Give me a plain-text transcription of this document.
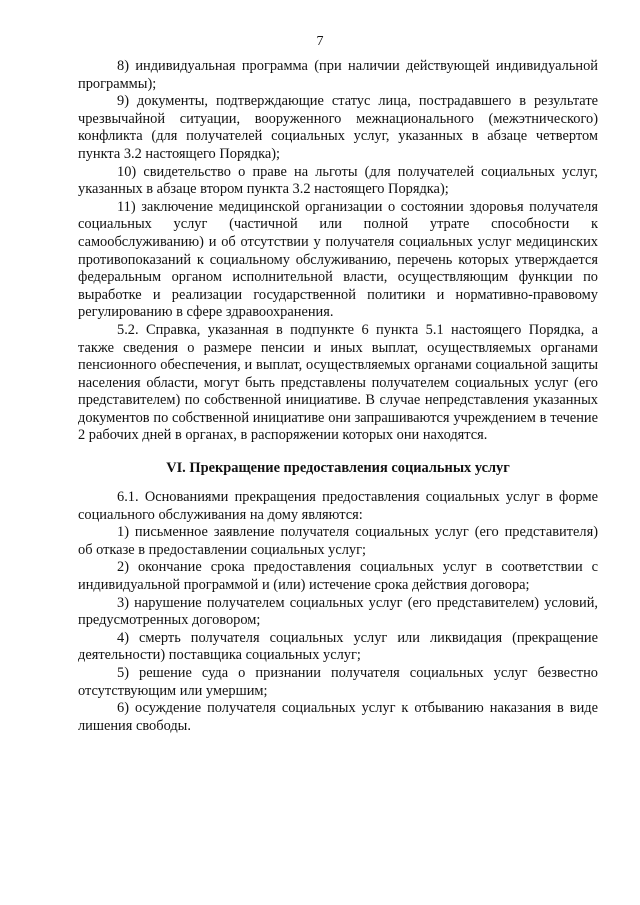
7

8) индивидуальная программа (при наличии действующей индивидуальной программы);

9) документы, подтверждающие статус лица, пострадавшего в результате чрезвычайной ситуации, вооруженного межнационального (межэтнического) конфликта (для получателей социальных услуг, указанных в абзаце четвертом пункта 3.2 настоящего Порядка);

10) свидетельство о праве на льготы (для получателей социальных услуг, указанных в абзаце втором пункта 3.2 настоящего Порядка);

11) заключение медицинской организации о состоянии здоровья получателя социальных услуг (частичной или полной утрате способности к самообслуживанию) и об отсутствии у получателя социальных услуг медицинских противопоказаний к социальному обслуживанию, перечень которых утверждается федеральным органом исполнительной власти, осуществляющим функции по выработке и реализации государственной политики и нормативно-правовому регулированию в сфере здравоохранения.

5.2. Справка, указанная в подпункте 6 пункта 5.1 настоящего Порядка, а также сведения о размере пенсии и иных выплат, осуществляемых органами пенсионного обеспечения, и выплат, осуществляемых органами социальной защиты населения области, могут быть представлены получателем социальных услуг (его представителем) по собственной инициативе. В случае непредставления указанных документов по собственной инициативе они запрашиваются учреждением в течение 2 рабочих дней в органах, в распоряжении которых они находятся.

VI. Прекращение предоставления социальных услуг

6.1. Основаниями прекращения предоставления социальных услуг в форме социального обслуживания на дому являются:

1) письменное заявление получателя социальных услуг (его представителя) об отказе в предоставлении социальных услуг;

2) окончание срока предоставления социальных услуг в соответствии с индивидуальной программой и (или) истечение срока действия договора;

3) нарушение получателем социальных услуг (его представителем) условий, предусмотренных договором;

4) смерть получателя социальных услуг или ликвидация (прекращение деятельности) поставщика социальных услуг;

5) решение суда о признании получателя социальных услуг безвестно отсутствующим или умершим;

6) осуждение получателя социальных услуг к отбыванию наказания в виде лишения свободы.
